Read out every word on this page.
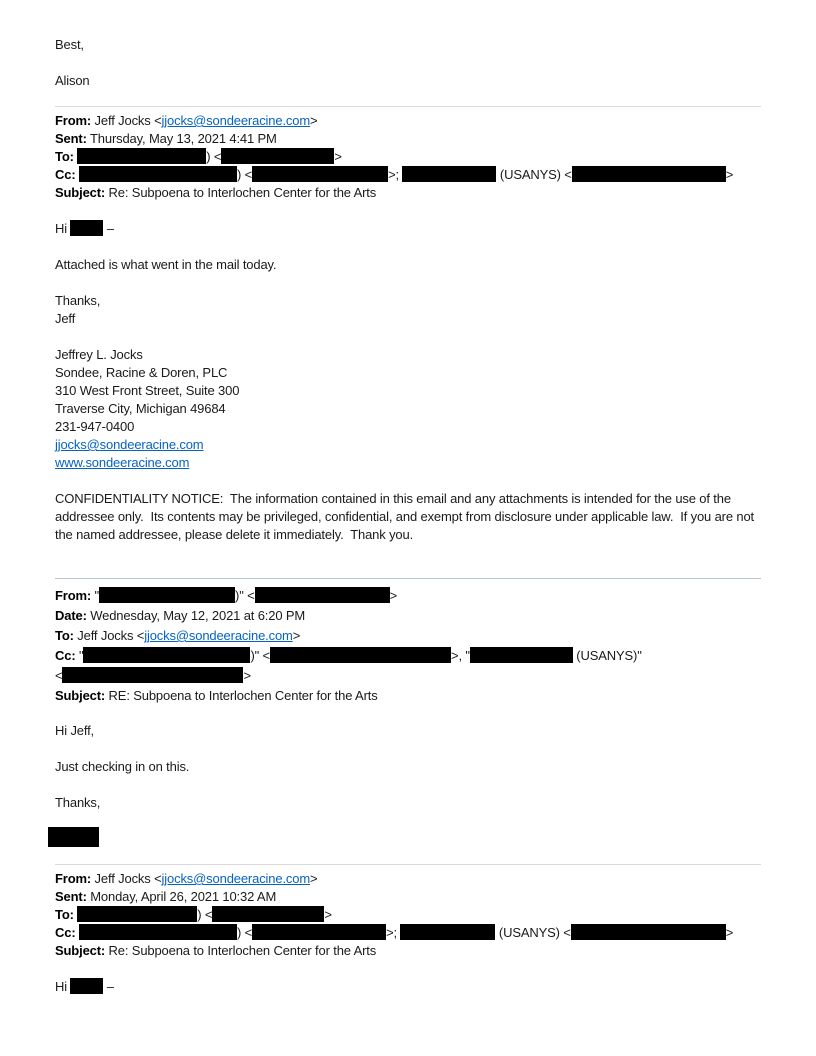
Best,
Alison
From: Jeff Jocks <jjocks@sondeeracine.com>
Sent: Thursday, May 13, 2021 4:41 PM
To:	) <	>
Cc:	) <	>;	(USANYS) <	>
Subject: Re: Subpoena to Interlochen Center for the Arts
Hi	–
Attached is what went in the mail today.
Thanks,
Jeff
Jeffrey L. Jocks
Sondee, Racine & Doren, PLC
310 West Front Street, Suite 300
Traverse City, Michigan 49684
231-947-0400
jjocks@sondeeracine.com
www.sondeeracine.com
CONFIDENTIALITY NOTICE:  The information contained in this email and any attachments is intended for the use of the addressee only.  Its contents may be privileged, confidential, and exempt from disclosure under applicable law.  If you are not the named addressee, please delete it immediately.  Thank you.
From: "	)" <	>
Date: Wednesday, May 12, 2021 at 6:20 PM
To: Jeff Jocks <jjocks@sondeeracine.com>
Cc: "	)" <	>, "	(USANYS)"
<	>
Subject: RE: Subpoena to Interlochen Center for the Arts
Hi Jeff,
Just checking in on this.
Thanks,
From: Jeff Jocks <jjocks@sondeeracine.com>
Sent: Monday, April 26, 2021 10:32 AM
To:	) <	>
Cc:	) <	>;	(USANYS) <	>
Subject: Re: Subpoena to Interlochen Center for the Arts
Hi	–
